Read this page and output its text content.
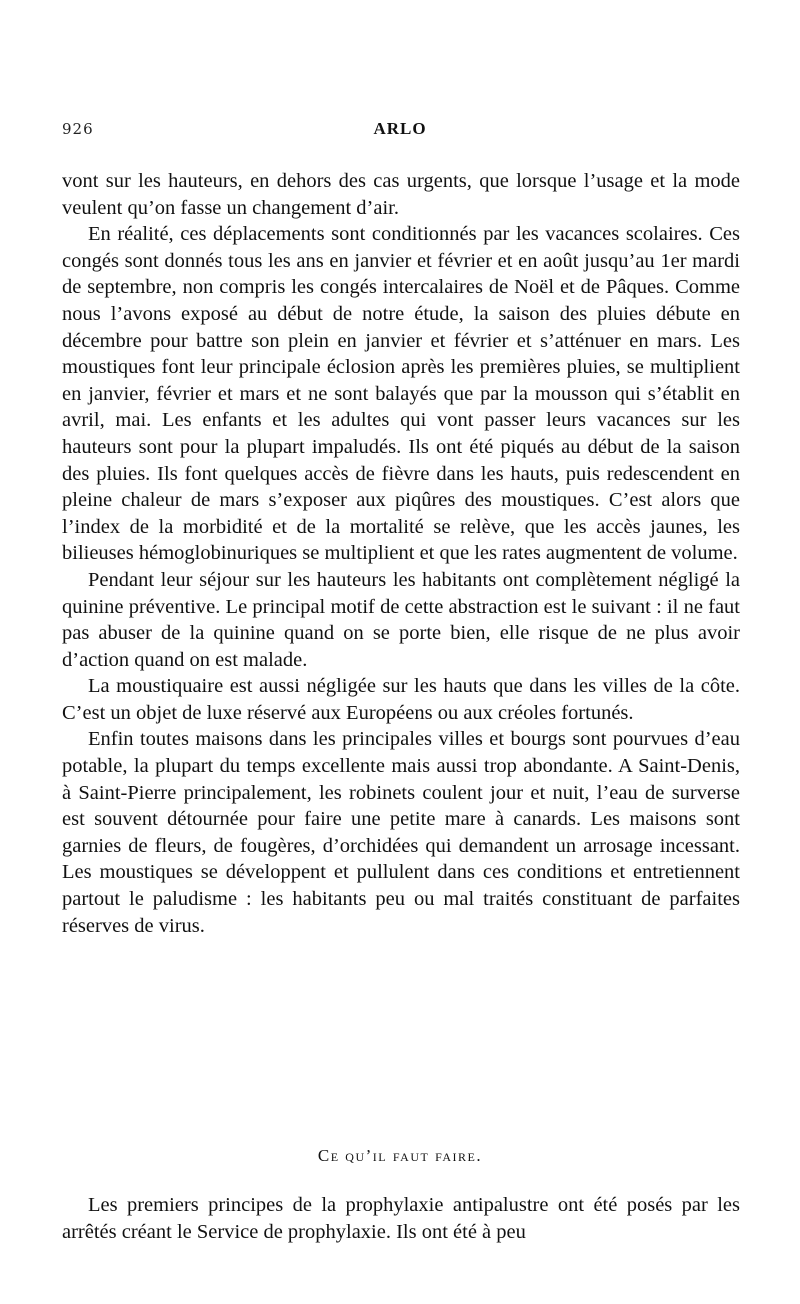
926	ARLO

vont sur les hauteurs, en dehors des cas urgents, que lorsque l’usage et la mode veulent qu’on fasse un changement d’air.

En réalité, ces déplacements sont conditionnés par les vacances scolaires. Ces congés sont donnés tous les ans en janvier et février et en août jusqu’au 1er mardi de septembre, non compris les congés intercalaires de Noël et de Pâques. Comme nous l’avons exposé au début de notre étude, la saison des pluies débute en décembre pour battre son plein en janvier et février et s’atténuer en mars. Les moustiques font leur principale éclosion après les premières pluies, se multiplient en janvier, février et mars et ne sont balayés que par la mousson qui s’établit en avril, mai. Les enfants et les adultes qui vont passer leurs vacances sur les hauteurs sont pour la plupart impaludés. Ils ont été piqués au début de la saison des pluies. Ils font quelques accès de fièvre dans les hauts, puis redescendent en pleine chaleur de mars s’exposer aux piqûres des moustiques. C’est alors que l’index de la morbidité et de la mortalité se relève, que les accès jaunes, les bilieuses hémoglobinuriques se multiplient et que les rates augmentent de volume.

Pendant leur séjour sur les hauteurs les habitants ont complètement négligé la quinine préventive. Le principal motif de cette abstraction est le suivant : il ne faut pas abuser de la quinine quand on se porte bien, elle risque de ne plus avoir d’action quand on est malade.

La moustiquaire est aussi négligée sur les hauts que dans les villes de la côte. C’est un objet de luxe réservé aux Européens ou aux créoles fortunés.

Enfin toutes maisons dans les principales villes et bourgs sont pourvues d’eau potable, la plupart du temps excellente mais aussi trop abondante. A Saint-Denis, à Saint-Pierre principalement, les robinets coulent jour et nuit, l’eau de surverse est souvent détournée pour faire une petite mare à canards. Les maisons sont garnies de fleurs, de fougères, d’orchidées qui demandent un arrosage incessant. Les moustiques se développent et pullulent dans ces conditions et entretiennent partout le paludisme : les habitants peu ou mal traités constituant de parfaites réserves de virus.

Ce qu’il faut faire.

Les premiers principes de la prophylaxie antipalustre ont été posés par les arrêtés créant le Service de prophylaxie. Ils ont été à peu
